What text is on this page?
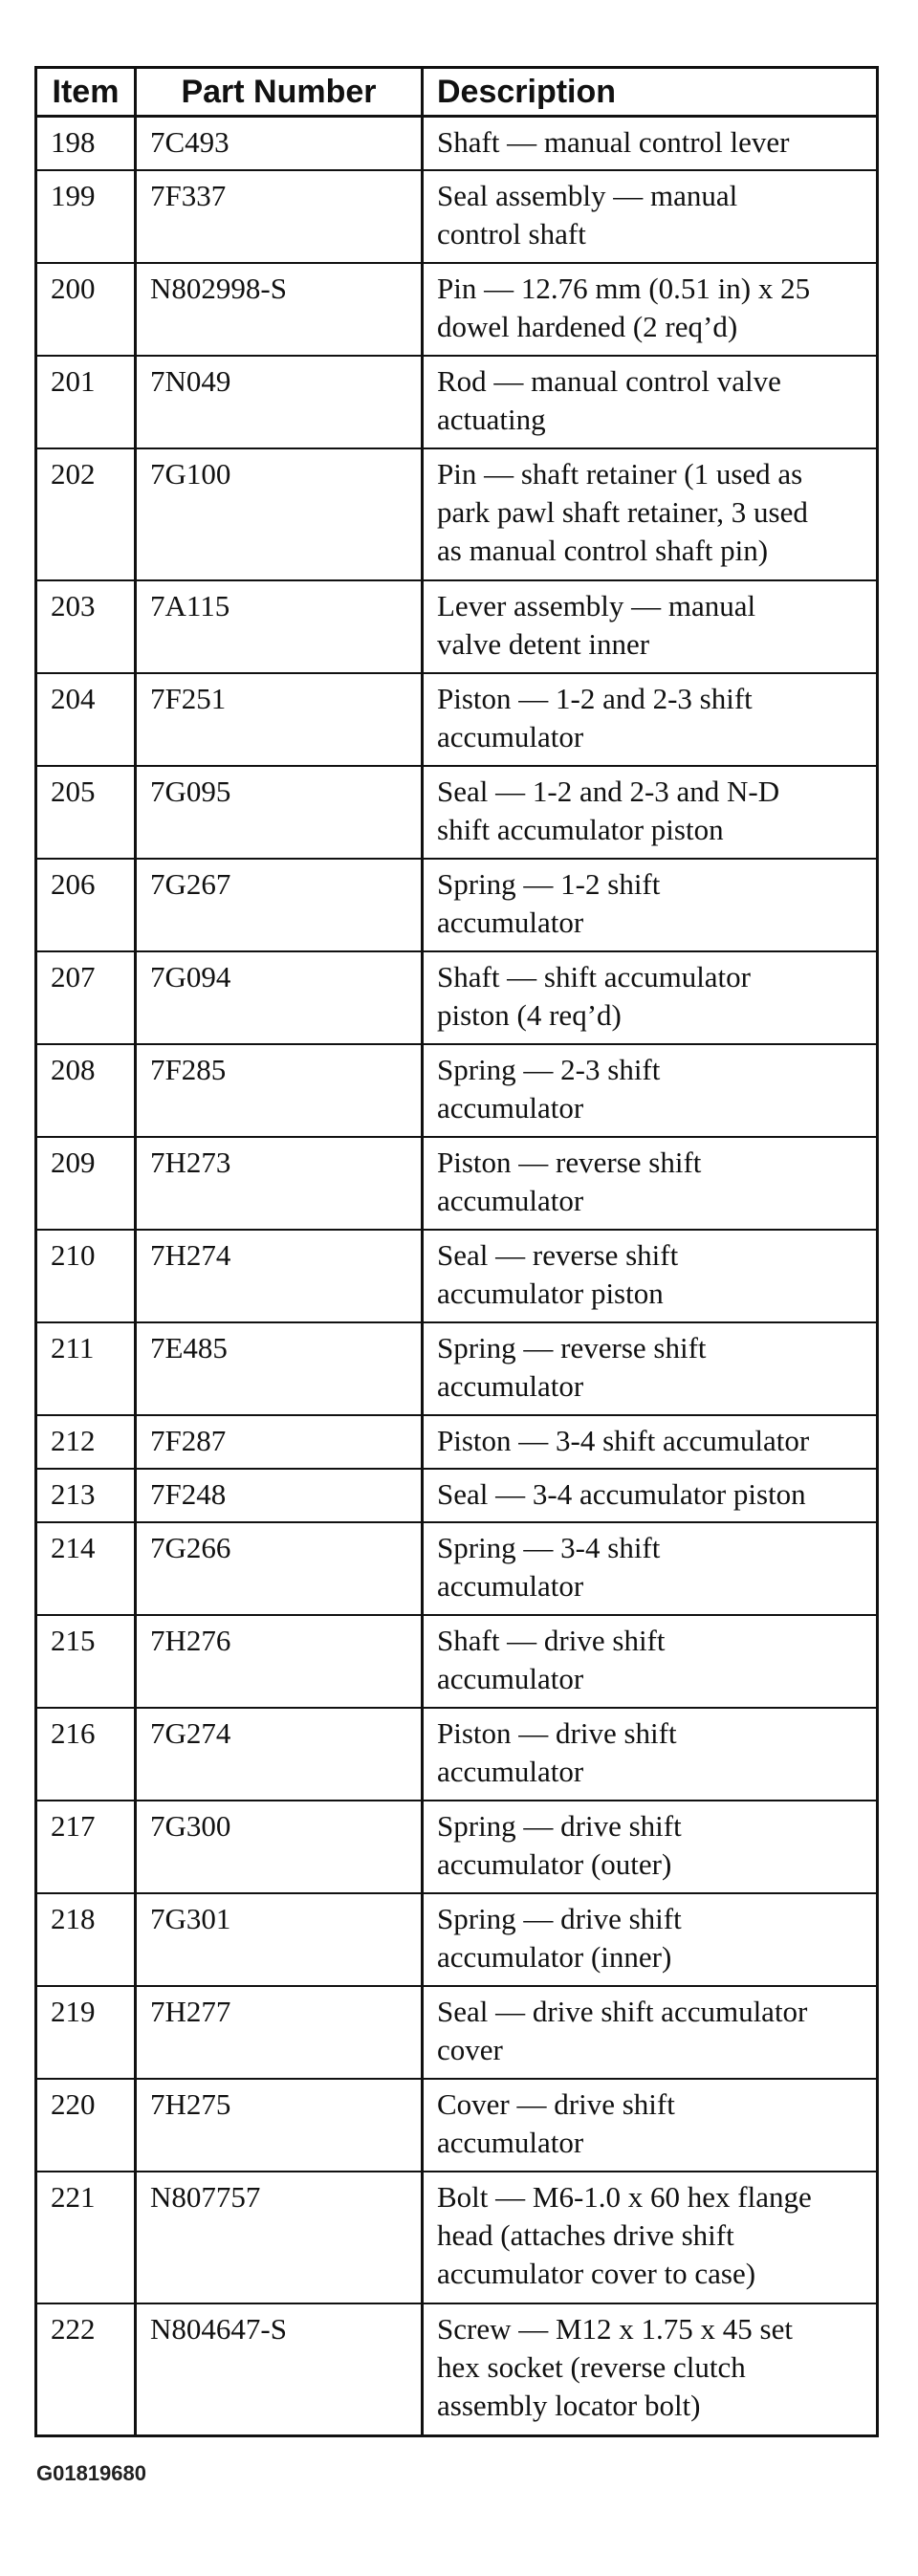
Item	Part Number	Description
198	7C493	Shaft — manual control lever

199	7F337	Seal assembly — manual
control shaft

200	N802998-S	Pin — 12.76 mm (0.51 in) x 25
dowel hardened (2 req’d)

201	7N049	Rod — manual control valve
actuating

202	7G100	Pin — shaft retainer (1 used as
park pawl shaft retainer, 3 used
as manual control shaft pin)

203	7A115	Lever assembly — manual
valve detent inner

204	7F251	Piston — 1-2 and 2-3 shift
accumulator

205	7G095	Seal — 1-2 and 2-3 and N-D
shift accumulator piston

206	7G267	Spring — 1-2 shift
accumulator

207	7G094	Shaft — shift accumulator
piston (4 req’d)

208	7F285	Spring — 2-3 shift
accumulator

209	7H273	Piston — reverse shift
accumulator

210	7H274	Seal — reverse shift
accumulator piston

211	7E485	Spring — reverse shift
accumulator

212	7F287	Piston — 3-4 shift accumulator

213	7F248	Seal — 3-4 accumulator piston

214	7G266	Spring — 3-4 shift
accumulator

215	7H276	Shaft — drive shift
accumulator

216	7G274	Piston — drive shift
accumulator

217	7G300	Spring — drive shift
accumulator (outer)

218	7G301	Spring — drive shift
accumulator (inner)

219	7H277	Seal — drive shift accumulator
cover

220	7H275	Cover — drive shift
accumulator

221	N807757	Bolt — M6-1.0 x 60 hex flange
head (attaches drive shift
accumulator cover to case)

222	N804647-S	Screw — M12 x 1.75 x 45 set
hex socket (reverse clutch
assembly locator bolt)
G01819680
